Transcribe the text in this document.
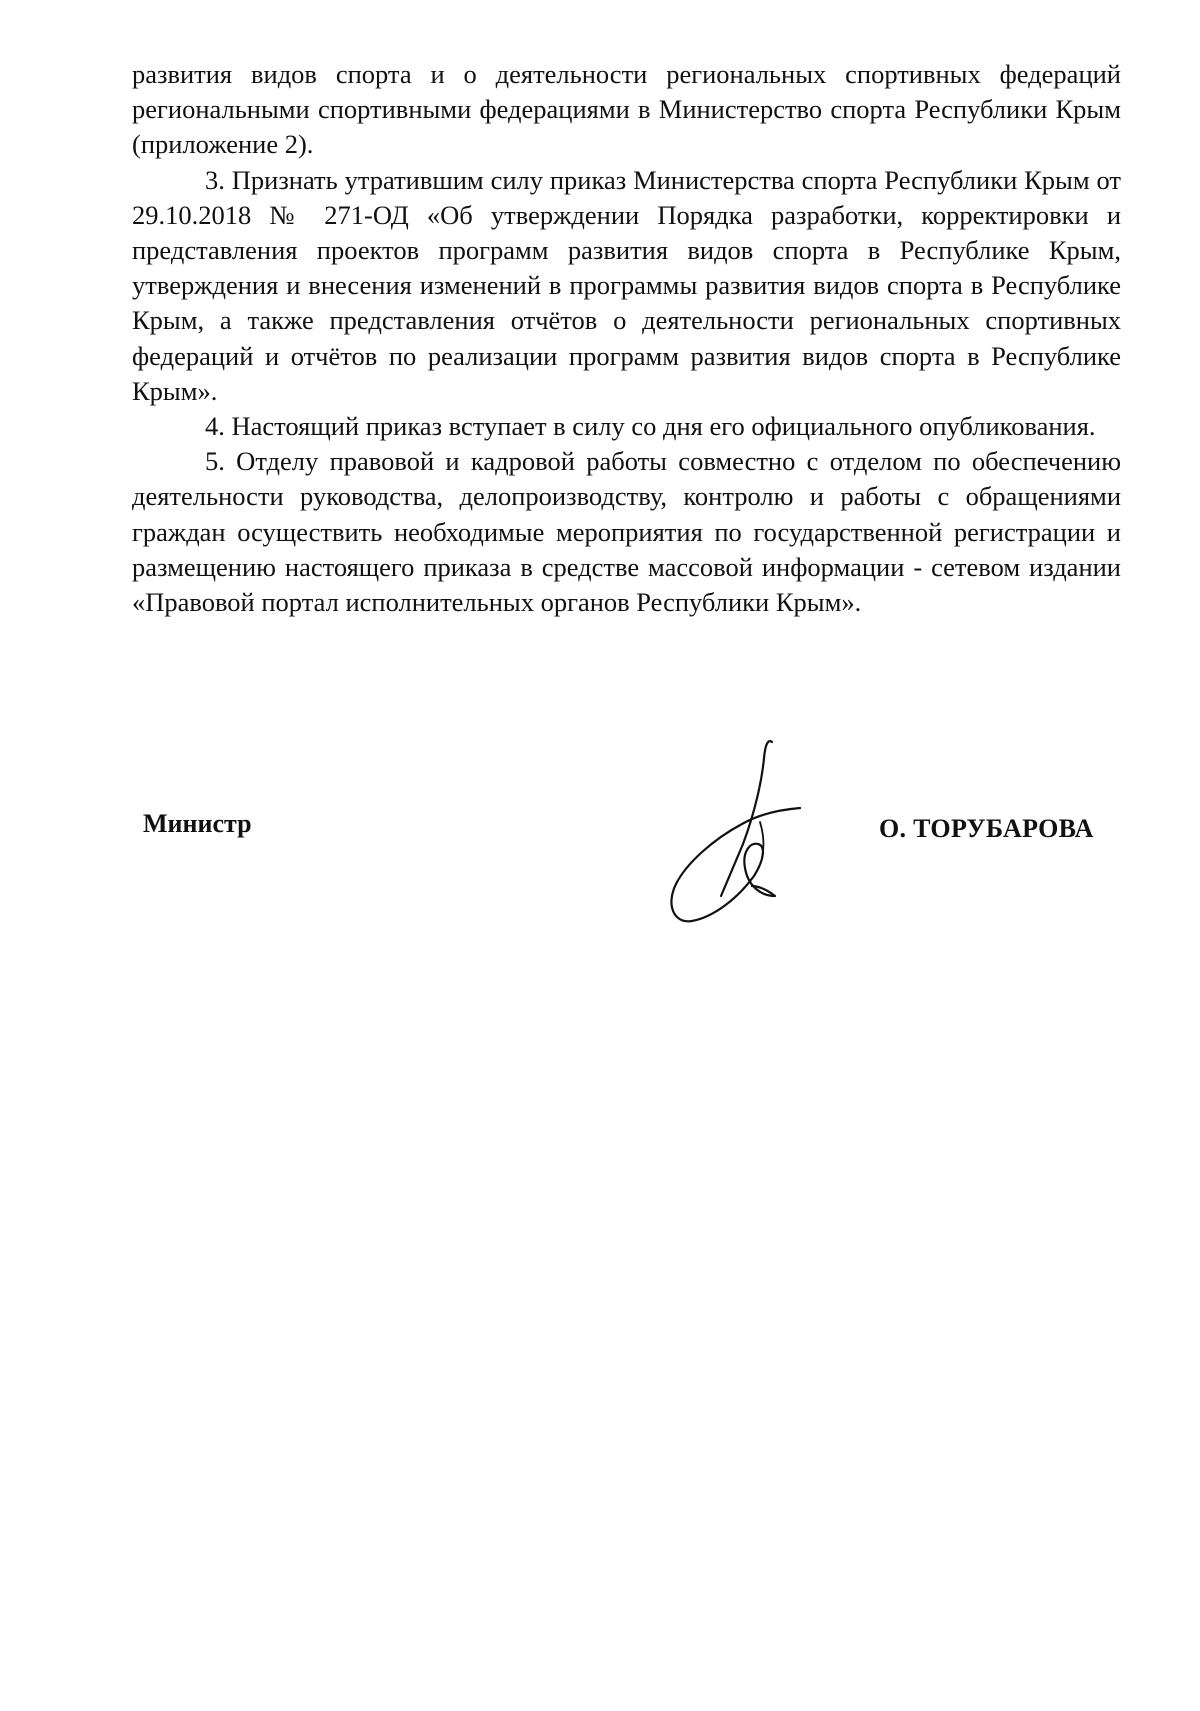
развития видов спорта и о деятельности региональных спортивных федераций региональными спортивными федерациями в Министерство спорта Республики Крым (приложение 2).

3. Признать утратившим силу приказ Министерства спорта Республики Крым от 29.10.2018 № 271-ОД «Об утверждении Порядка разработки, корректировки и представления проектов программ развития видов спорта в Республике Крым, утверждения и внесения изменений в программы развития видов спорта в Республике Крым, а также представления отчётов о деятельности региональных спортивных федераций и отчётов по реализации программ развития видов спорта в Республике Крым».

4. Настоящий приказ вступает в силу со дня его официального опубликования.

5. Отделу правовой и кадровой работы совместно с отделом по обеспечению деятельности руководства, делопроизводству, контролю и работы с обращениями граждан осуществить необходимые мероприятия по государственной регистрации и размещению настоящего приказа в средстве массовой информации - сетевом издании «Правовой портал исполнительных органов Республики Крым».

Министр	О. ТОРУБАРОВА
